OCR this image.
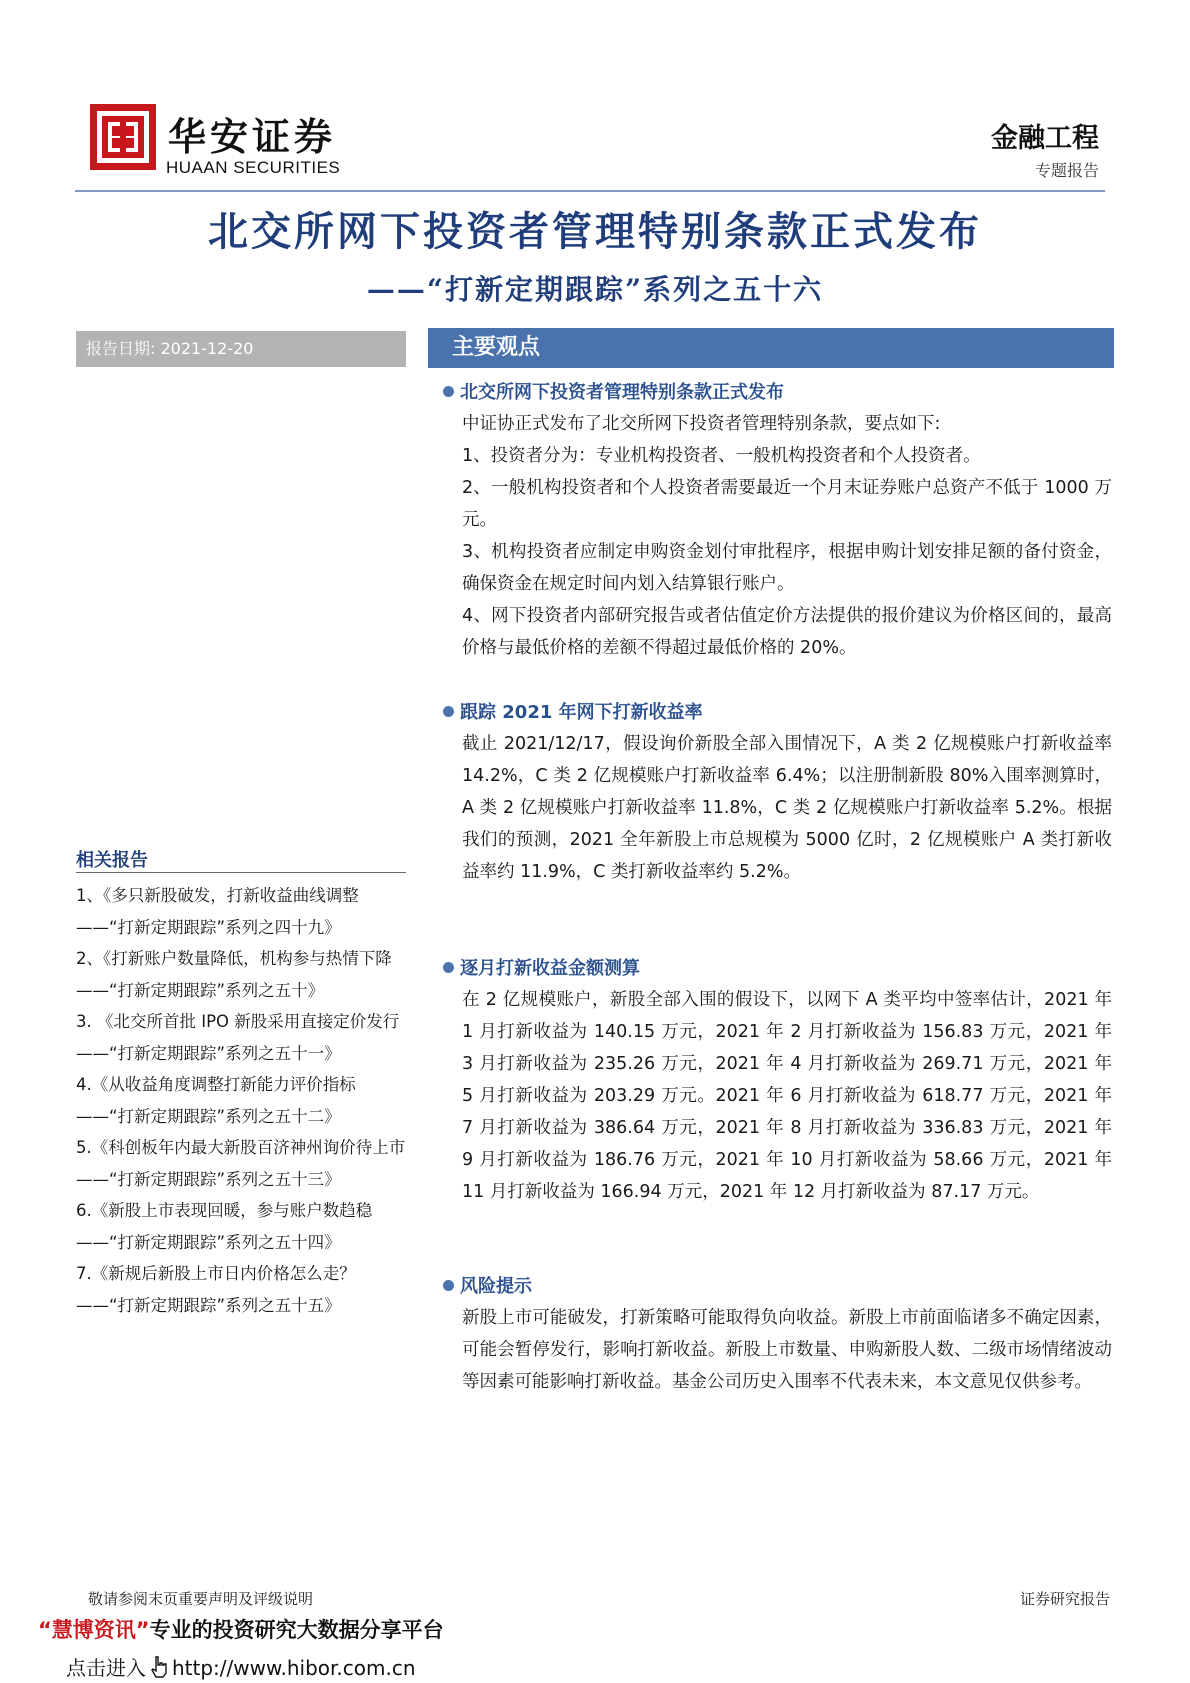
华安证券
HUAAN SECURITIES
金融工程
专题报告
北交所网下投资者管理特别条款正式发布
——“打新定期跟踪”系列之五十六
报告日期: 2021-12-20
相关报告
1、《多只新股破发，打新收益曲线调整——“打新定期跟踪”系列之四十九》
2、《打新账户数量降低，机构参与热情下降——“打新定期跟踪”系列之五十》
3. 《北交所首批 IPO 新股采用直接定价发行——“打新定期跟踪”系列之五十一》
4.《从收益角度调整打新能力评价指标——“打新定期跟踪”系列之五十二》
5.《科创板年内最大新股百济神州询价待上市——“打新定期跟踪”系列之五十三》
6.《新股上市表现回暖，参与账户数趋稳——“打新定期跟踪”系列之五十四》
7.《新规后新股上市日内价格怎么走？——“打新定期跟踪”系列之五十五》
主要观点
北交所网下投资者管理特别条款正式发布

中证协正式发布了北交所网下投资者管理特别条款，要点如下:

1、投资者分为：专业机构投资者、一般机构投资者和个人投资者。

2、一般机构投资者和个人投资者需要最近一个月末证券账户总资产不低于 1000 万元。

3、机构投资者应制定申购资金划付审批程序，根据申购计划安排足额的备付资金，确保资金在规定时间内划入结算银行账户。

4、网下投资者内部研究报告或者估值定价方法提供的报价建议为价格区间的，最高价格与最低价格的差额不得超过最低价格的 20%。

跟踪 2021 年网下打新收益率

截止 2021/12/17，假设询价新股全部入围情况下，A 类 2 亿规模账户打新收益率 14.2%，C 类 2 亿规模账户打新收益率 6.4%；以注册制新股 80%入围率测算时，A 类 2 亿规模账户打新收益率 11.8%，C 类 2 亿规模账户打新收益率 5.2%。根据我们的预测，2021 全年新股上市总规模为 5000 亿时，2 亿规模账户 A 类打新收益率约 11.9%，C 类打新收益率约 5.2%。

逐月打新收益金额测算

在 2 亿规模账户，新股全部入围的假设下，以网下 A 类平均中签率估计，2021 年 1 月打新收益为 140.15 万元，2021 年 2 月打新收益为 156.83 万元，2021 年 3 月打新收益为 235.26 万元，2021 年 4 月打新收益为 269.71 万元，2021 年 5 月打新收益为 203.29 万元。2021 年 6 月打新收益为 618.77 万元，2021 年 7 月打新收益为 386.64 万元，2021 年 8 月打新收益为 336.83 万元，2021 年 9 月打新收益为 186.76 万元，2021 年 10 月打新收益为 58.66 万元，2021 年 11 月打新收益为 166.94 万元，2021 年 12 月打新收益为 87.17 万元。

风险提示

新股上市可能破发，打新策略可能取得负向收益。新股上市前面临诸多不确定因素，可能会暂停发行，影响打新收益。新股上市数量、申购新股人数、二级市场情绪波动等因素可能影响打新收益。基金公司历史入围率不代表未来，本文意见仅供参考。

敬请参阅末页重要声明及评级说明	证券研究报告
“慧博资讯”专业的投资研究大数据分享平台
点击进入 http://www.hibor.com.cn
